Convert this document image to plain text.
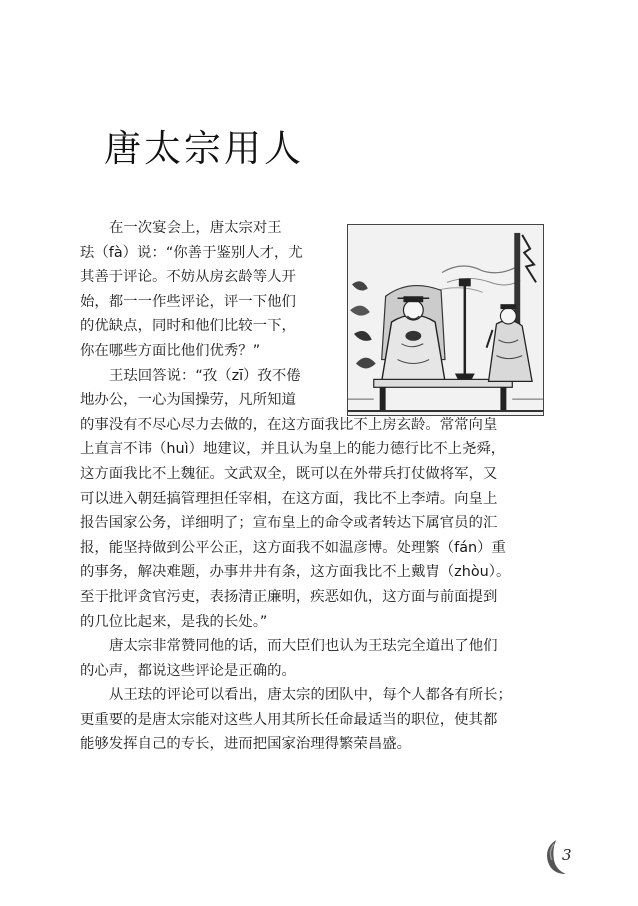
唐太宗用人
在一次宴会上，唐太宗对王
珐（fà）说：“你善于鉴别人才，尤
其善于评论。不妨从房玄龄等人开
始，都一一作些评论，评一下他们
的优缺点，同时和他们比较一下，
你在哪些方面比他们优秀？”
王珐回答说：“孜（zī）孜不倦
地办公，一心为国操劳，凡所知道
的事没有不尽心尽力去做的，在这方面我比不上房玄龄。常常向皇
上直言不讳（huì）地建议，并且认为皇上的能力德行比不上尧舜，
这方面我比不上魏征。文武双全，既可以在外带兵打仗做将军，又
可以进入朝廷搞管理担任宰相，在这方面，我比不上李靖。向皇上
报告国家公务，详细明了；宣布皇上的命令或者转达下属官员的汇
报，能坚持做到公平公正，这方面我不如温彦博。处理繁（fán）重
的事务，解决难题，办事井井有条，这方面我比不上戴胄（zhòu）。
至于批评贪官污吏，表扬清正廉明，疾恶如仇，这方面与前面提到
的几位比起来，是我的长处。”
唐太宗非常赞同他的话，而大臣们也认为王珐完全道出了他们
的心声，都说这些评论是正确的。
从王珐的评论可以看出，唐太宗的团队中，每个人都各有所长；
更重要的是唐太宗能对这些人用其所长任命最适当的职位，使其都
能够发挥自己的专长，进而把国家治理得繁荣昌盛。
3
